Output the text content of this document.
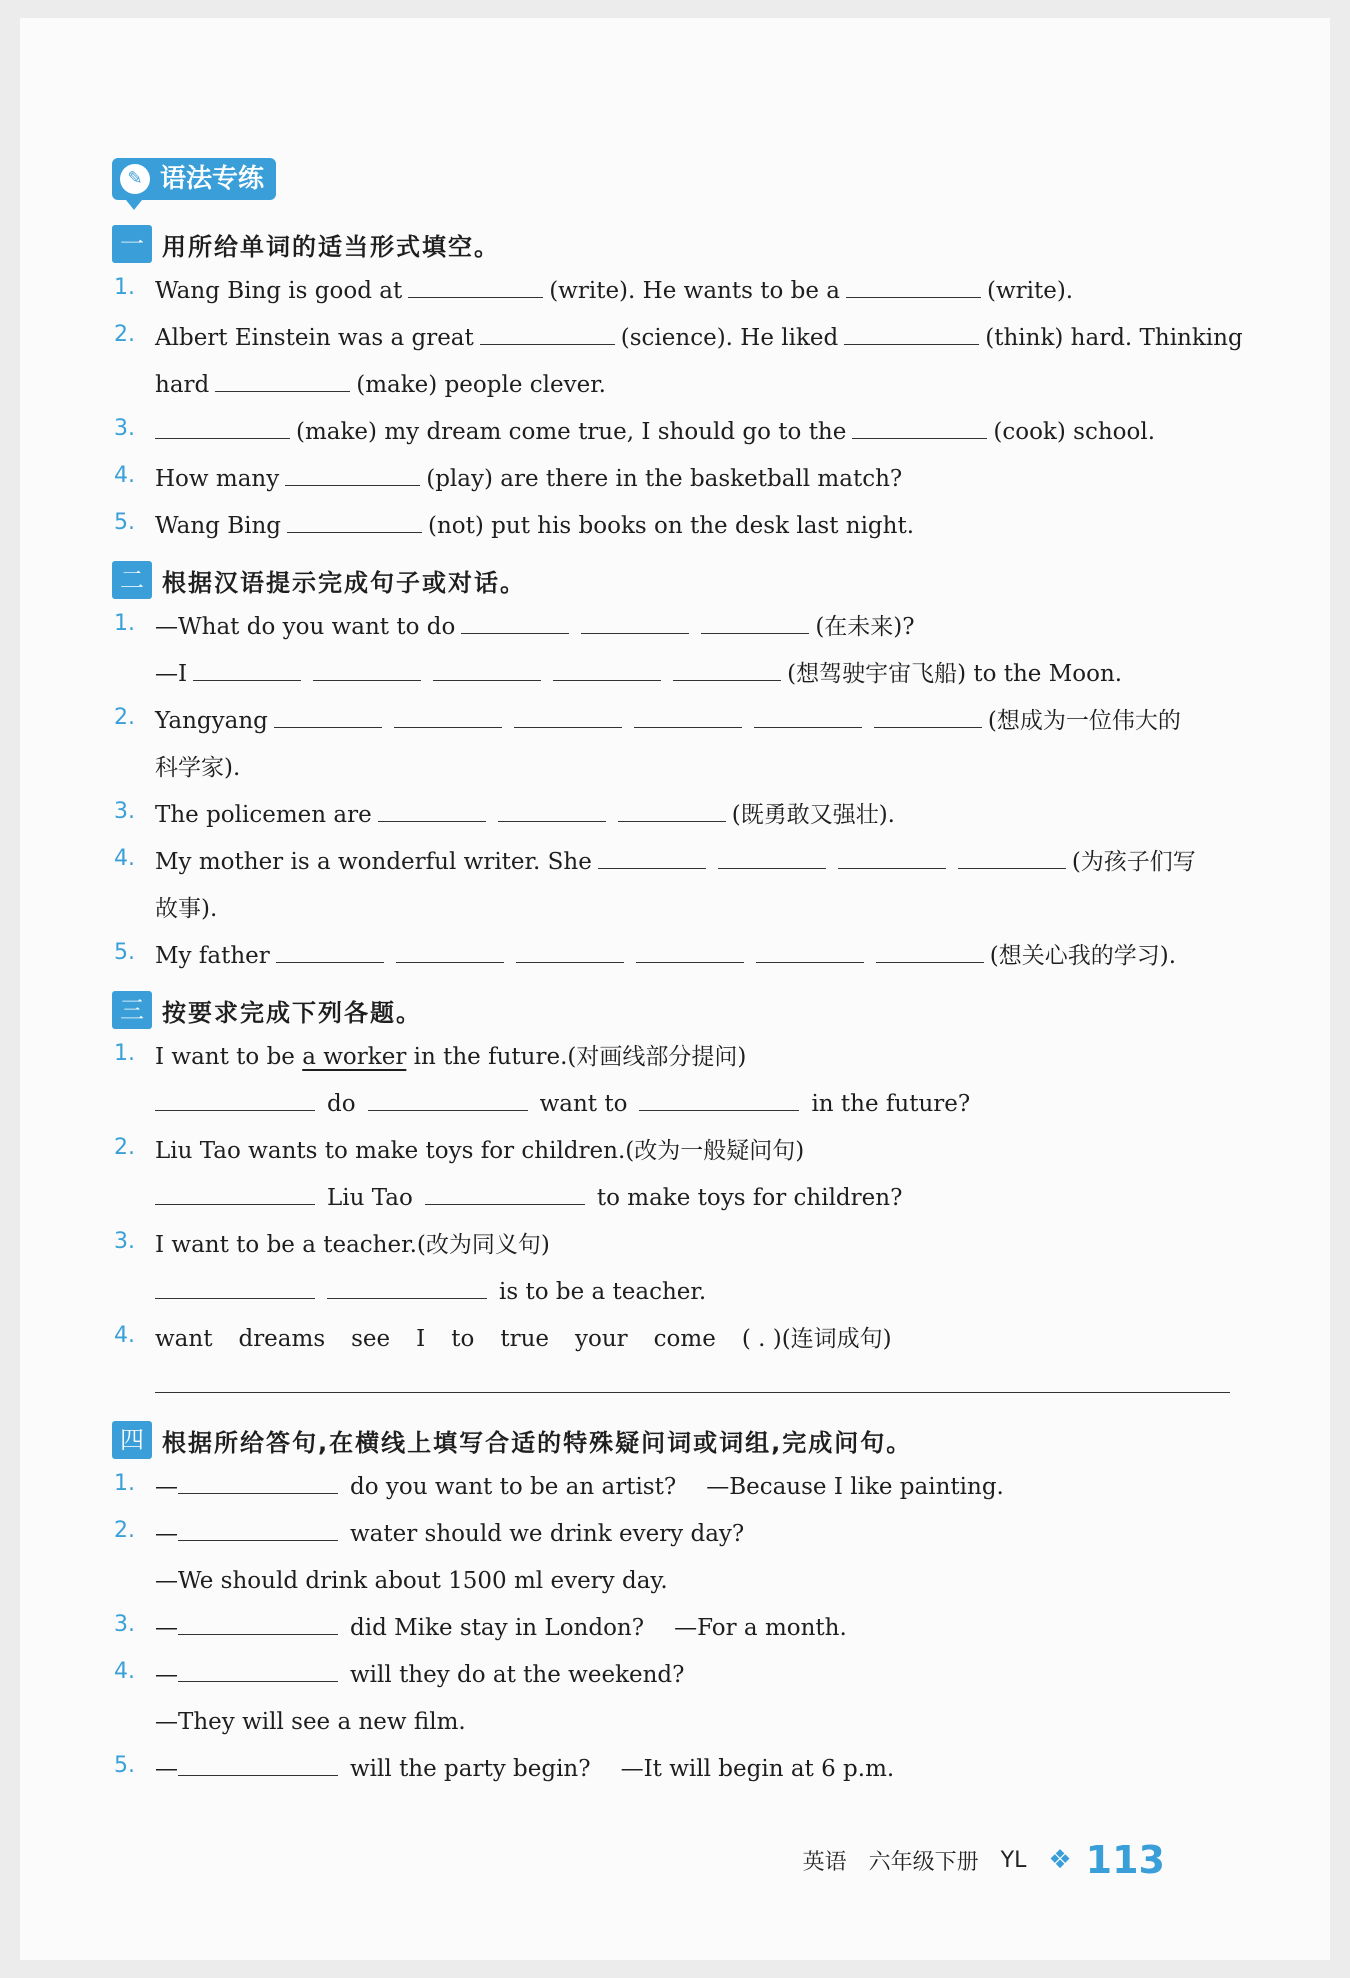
✎ 语法专练
一 用所给单词的适当形式填空。
1. Wang Bing is good at	(write). He wants to be a	(write).
2. Albert Einstein was a great	(science). He liked	(think) hard. Thinking
hard	(make) people clever.
3.	(make) my dream come true, I should go to the	(cook) school.
4. How many	(play) are there in the basketball match?
5. Wang Bing	(not) put his books on the desk last night.
二 根据汉语提示完成句子或对话。
1. —What do you want to do	(在未来)?
—I	(想驾驶宇宙飞船) to the Moon.
2. Yangyang	(想成为一位伟大的
科学家).
3. The policemen are	(既勇敢又强壮).
4. My mother is a wonderful writer. She	(为孩子们写
故事).
5. My father	(想关心我的学习).
三 按要求完成下列各题。
1. I want to be a worker in the future.(对画线部分提问)
do	want to	in the future?
2. Liu Tao wants to make toys for children.(改为一般疑问句)
Liu Tao	to make toys for children?
3. I want to be a teacher.(改为同义句)
is to be a teacher.
4. want dreams see I to true your come ( . )(连词成句)
四 根据所给答句,在横线上填写合适的特殊疑问词或词组,完成问句。
1. —	do you want to be an artist? —Because I like painting.
2. —	water should we drink every day?
—We should drink about 1500 ml every day.
3. —	did Mike stay in London? —For a month.
4. —	will they do at the weekend?
—They will see a new film.
5. —	will the party begin? —It will begin at 6 p.m.
英语 六年级下册 YL ❖ 113
